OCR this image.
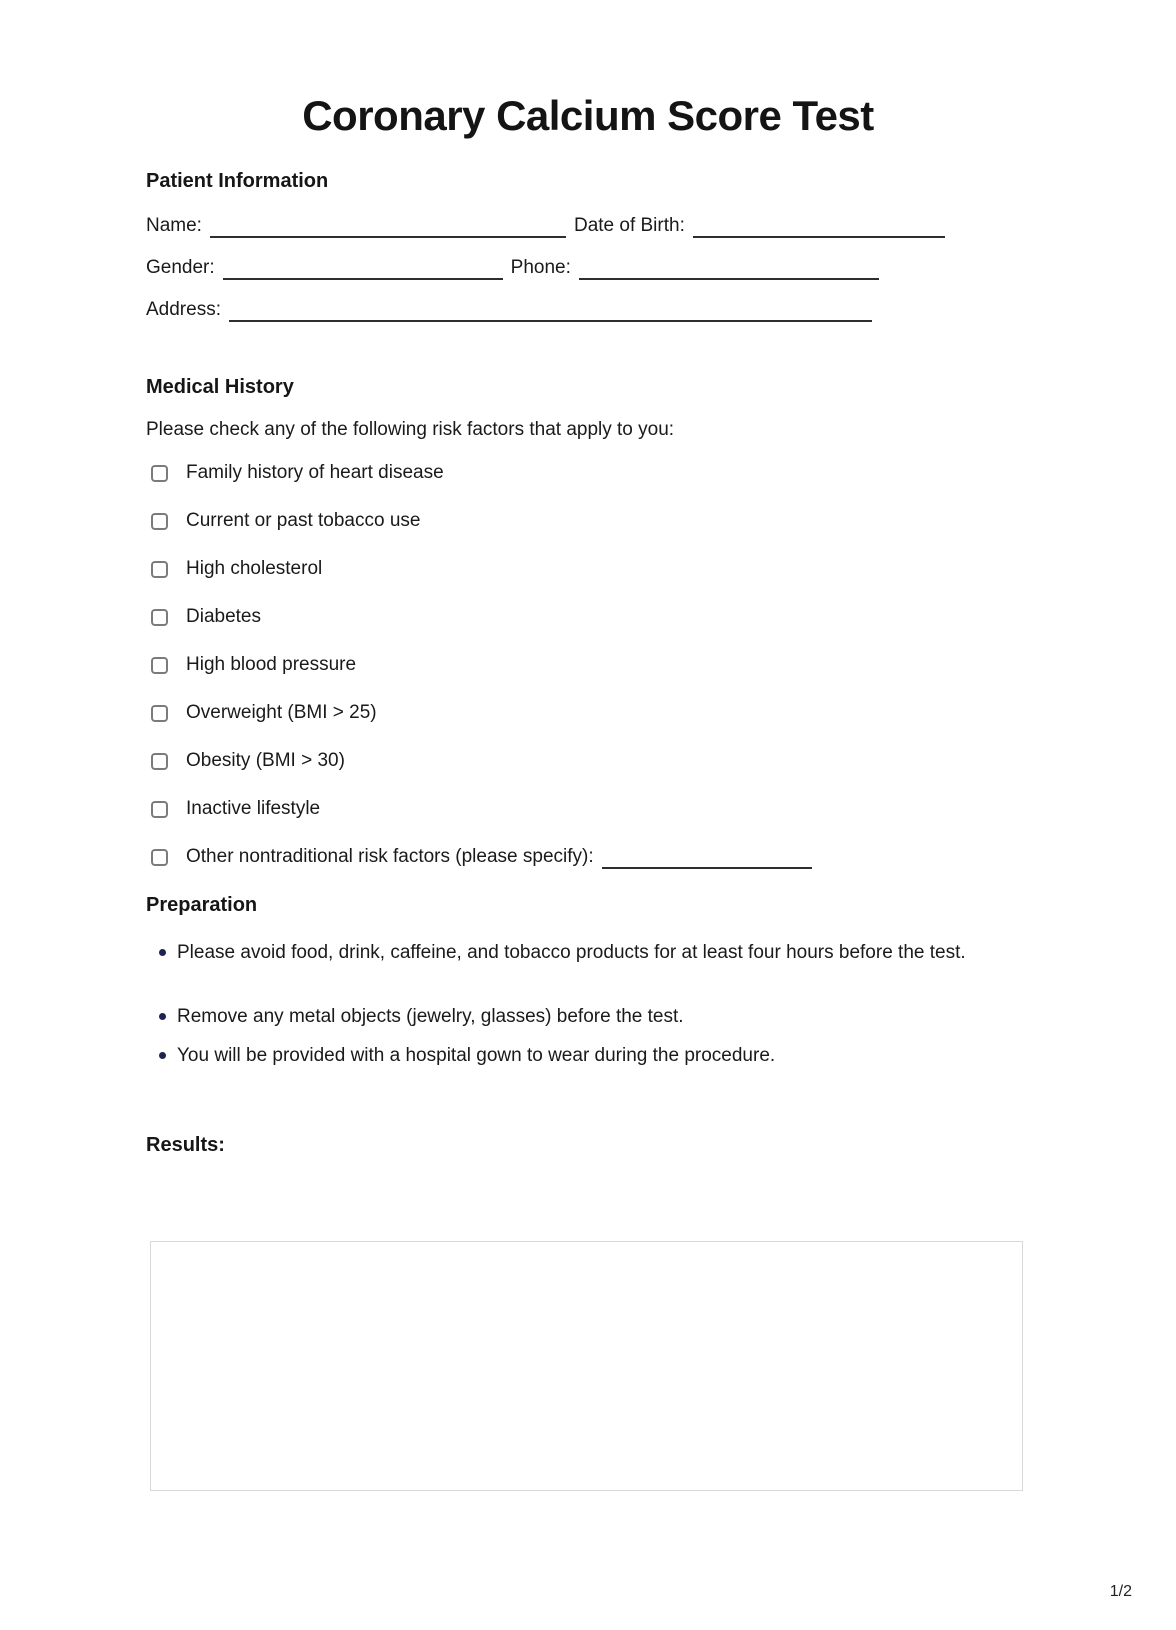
Coronary Calcium Score Test
Patient Information
Name:	Date of Birth:
Gender:	Phone:
Address:
Medical History

Please check any of the following risk factors that apply to you:

Family history of heart disease
Current or past tobacco use
High cholesterol
Diabetes
High blood pressure
Overweight (BMI > 25)
Obesity (BMI > 30)
Inactive lifestyle
Other nontraditional risk factors (please specify):
Preparation
Please avoid food, drink, caffeine, and tobacco products for at least four hours before the test.
Remove any metal objects (jewelry, glasses) before the test.
You will be provided with a hospital gown to wear during the procedure.
Results:
1/2
